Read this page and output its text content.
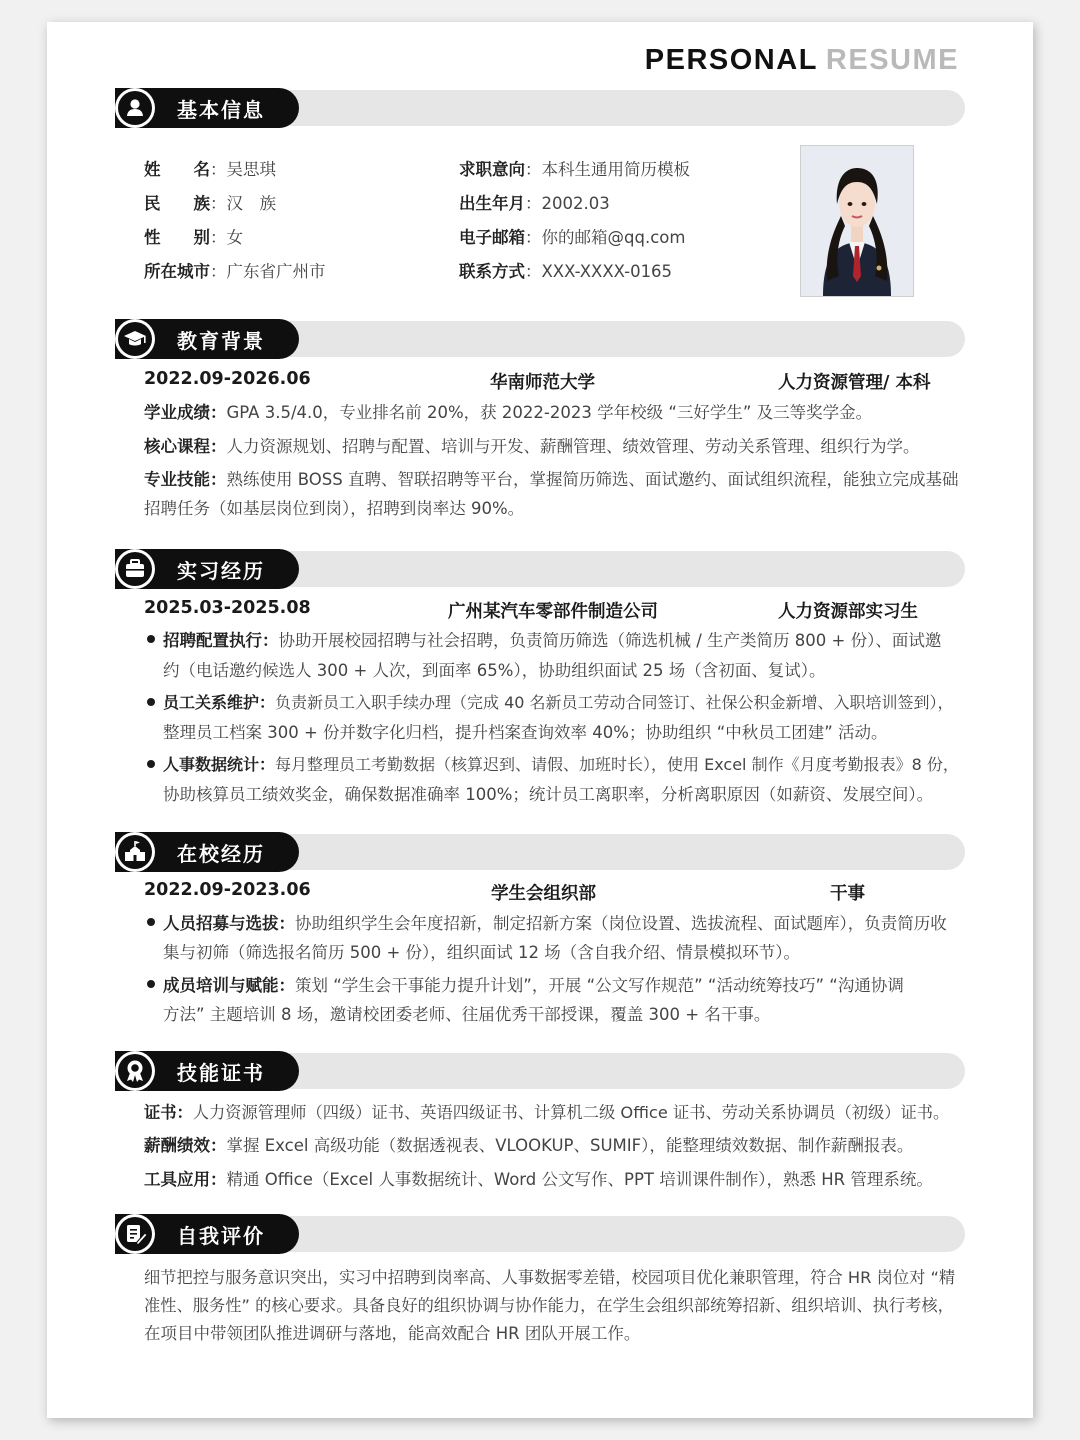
PERSONAL RESUME
基本信息
姓　　名：吴思琪
民　　族：汉　族
性　　别：女
所在城市：广东省广州市
求职意向：本科生通用简历模板
出生年月：2002.03
电子邮箱：你的邮箱@qq.com
联系方式：XXX-XXXX-0165
教育背景
2022.09-2026.06	华南师范大学	人力资源管理/ 本科
学业成绩：GPA 3.5/4.0，专业排名前 20%，获 2022-2023 学年校级 “三好学生” 及三等奖学金。
核心课程：人力资源规划、招聘与配置、培训与开发、薪酬管理、绩效管理、劳动关系管理、组织行为学。
专业技能：熟练使用 BOSS 直聘、智联招聘等平台，掌握简历筛选、面试邀约、面试组织流程，能独立完成基础
招聘任务（如基层岗位到岗），招聘到岗率达 90%。
实习经历
2025.03-2025.08	广州某汽车零部件制造公司	人力资源部实习生
招聘配置执行：协助开展校园招聘与社会招聘，负责简历筛选（筛选机械 / 生产类简历 800 + 份）、面试邀
约（电话邀约候选人 300 + 人次，到面率 65%），协助组织面试 25 场（含初面、复试）。
员工关系维护：负责新员工入职手续办理（完成 40 名新员工劳动合同签订、社保公积金新增、入职培训签到），
整理员工档案 300 + 份并数字化归档，提升档案查询效率 40%；协助组织 “中秋员工团建” 活动。
人事数据统计：每月整理员工考勤数据（核算迟到、请假、加班时长），使用 Excel 制作《月度考勤报表》8 份，
协助核算员工绩效奖金，确保数据准确率 100%；统计员工离职率，分析离职原因（如薪资、发展空间）。
在校经历
2022.09-2023.06	学生会组织部	干事
人员招募与选拔：协助组织学生会年度招新，制定招新方案（岗位设置、选拔流程、面试题库），负责简历收
集与初筛（筛选报名简历 500 + 份），组织面试 12 场（含自我介绍、情景模拟环节）。
成员培训与赋能：策划 “学生会干事能力提升计划”，开展 “公文写作规范” “活动统筹技巧” “沟通协调
方法” 主题培训 8 场，邀请校团委老师、往届优秀干部授课，覆盖 300 + 名干事。
技能证书
证书：人力资源管理师（四级）证书、英语四级证书、计算机二级 Office 证书、劳动关系协调员（初级）证书。
薪酬绩效：掌握 Excel 高级功能（数据透视表、VLOOKUP、SUMIF），能整理绩效数据、制作薪酬报表。
工具应用：精通 Office（Excel 人事数据统计、Word 公文写作、PPT 培训课件制作），熟悉 HR 管理系统。
自我评价
细节把控与服务意识突出，实习中招聘到岗率高、人事数据零差错，校园项目优化兼职管理，符合 HR 岗位对 “精
准性、服务性” 的核心要求。具备良好的组织协调与协作能力，在学生会组织部统筹招新、组织培训、执行考核，
在项目中带领团队推进调研与落地，能高效配合 HR 团队开展工作。
